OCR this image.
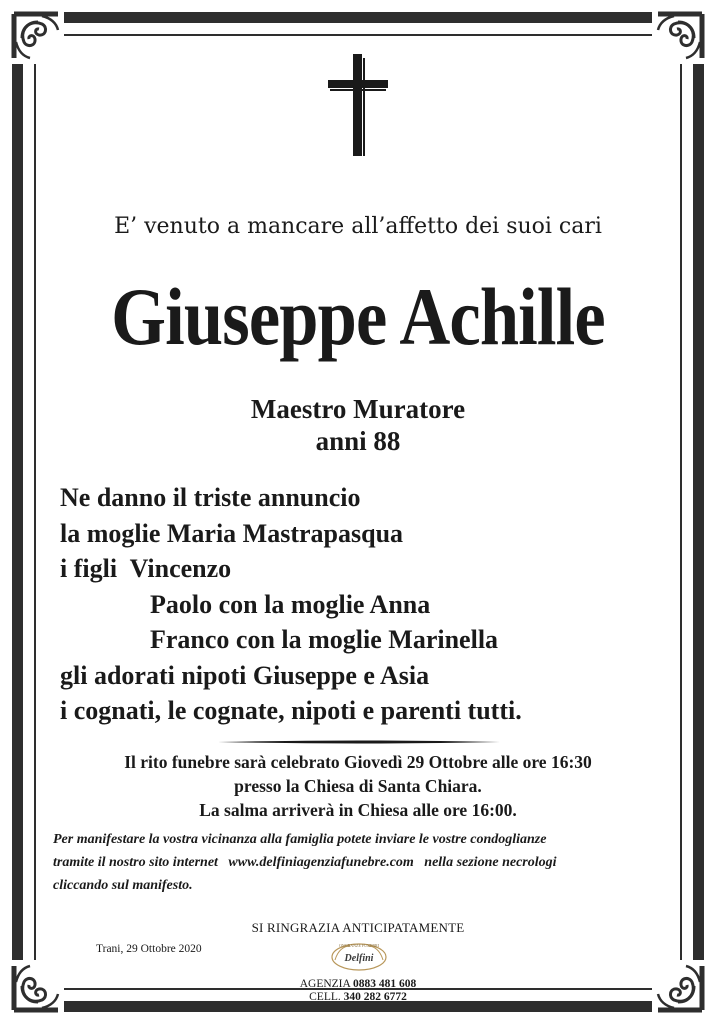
E’ venuto a mancare all’affetto dei suoi cari
Giuseppe Achille
Maestro Muratore
anni 88
Ne danno il triste annuncio
la moglie Maria Mastrapasqua
i figli  Vincenzo
Paolo con la moglie Anna
Franco con la moglie Marinella
gli adorati nipoti Giuseppe e Asia
i cognati, le cognate, nipoti e parenti tutti.
Il rito funebre sarà celebrato Giovedì 29 Ottobre alle ore 16:30
presso la Chiesa di Santa Chiara.
La salma arriverà in Chiesa alle ore 16:00.
Per manifestare la vostra vicinanza alla famiglia potete inviare le vostre condoglianze
tramite il nostro sito internet   www.delfiniagenziafunebre.com   nella sezione necrologi
cliccando sul manifesto.
SI RINGRAZIA ANTICIPATAMENTE
Trani, 29 Ottobre 2020	ONORANZE FUNEBRI
Delfini
AGENZIA 0883 481 608
CELL. 340 282 6772
